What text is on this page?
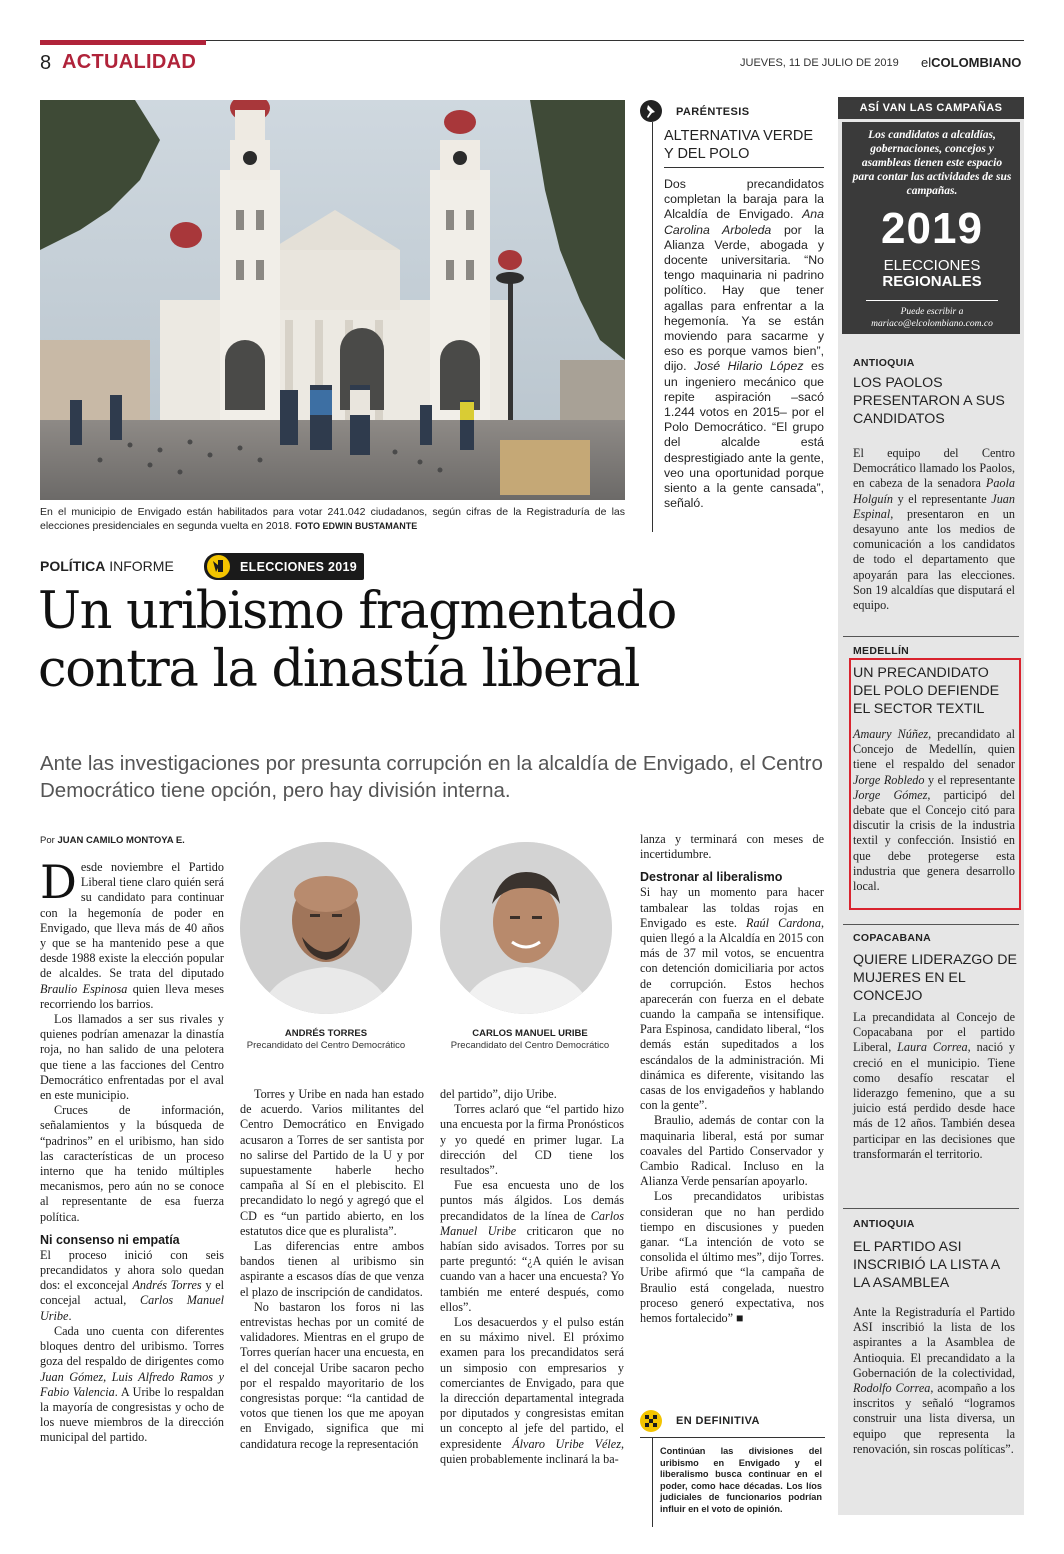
8 ACTUALIDAD	JUEVES, 11 DE JULIO DE 2019 elCOLOMBIANO
En el municipio de Envigado están habilitados para votar 241.042 ciudadanos, según cifras de la Registraduría de las elecciones presidenciales en segunda vuelta en 2018. FOTO EDWIN BUSTAMANTE
PARÉNTESIS
ALTERNATIVA VERDE Y DEL POLO
Dos precandidatos completan la baraja para la Alcaldía de Envigado. Ana Carolina Arboleda por la Alianza Verde, abogada y docente universitaria. “No tengo maquinaria ni padrino político. Hay que tener agallas para enfrentar a la hegemonía. Ya se están moviendo para sacarme y eso es porque vamos bien”, dijo. José Hilario López es un ingeniero mecánico que repite aspiración –sacó 1.244 votos en 2015– por el Polo Democrático. “El grupo del alcalde está desprestigiado ante la gente, veo una oportunidad porque siento a la gente cansada”, señaló.
POLÍTICA INFORME	ELECCIONES 2019
Un uribismo fragmentado contra la dinastía liberal
Ante las investigaciones por presunta corrupción en la alcaldía de Envigado, el Centro Democrático tiene opción, pero hay división interna.
Por JUAN CAMILO MONTOYA E.
ANDRÉS TORRES
Precandidato del Centro Democrático
CARLOS MANUEL URIBE
Precandidato del Centro Democrático

Desde noviembre el Partido Liberal tiene claro quién será su candidato para continuar con la hegemonía de poder en Envigado, que lleva más de 40 años y que se ha mantenido pese a que desde 1988 existe la elección popular de alcaldes. Se trata del diputado Braulio Espinosa quien lleva meses recorriendo los barrios.

Los llamados a ser sus rivales y quienes podrían amenazar la dinastía roja, no han salido de una pelotera que tiene a las facciones del Centro Democrático enfrentadas por el aval en este municipio.

Cruces de información, señalamientos y la búsqueda de “padrinos” en el uribismo, han sido las características de un proceso interno que ha tenido múltiples mecanismos, pero aún no se conoce al representante de esa fuerza política.

Ni consenso ni empatía

El proceso inició con seis precandidatos y ahora solo quedan dos: el exconcejal Andrés Torres y el concejal actual, Carlos Manuel Uribe.

Cada uno cuenta con diferentes bloques dentro del uribismo. Torres goza del respaldo de dirigentes como Juan Gómez, Luis Alfredo Ramos y Fabio Valencia. A Uribe lo respaldan la mayoría de congresistas y ocho de los nueve miembros de la dirección municipal del partido.

Torres y Uribe en nada han estado de acuerdo. Varios militantes del Centro Democrático en Envigado acusaron a Torres de ser santista por no salirse del Partido de la U y por supuestamente haberle hecho campaña al Sí en el plebiscito. El precandidato lo negó y agregó que el CD es “un partido abierto, en los estatutos dice que es pluralista”.

Las diferencias entre ambos bandos tienen al uribismo sin aspirante a escasos días de que venza el plazo de inscripción de candidatos.

No bastaron los foros ni las entrevistas hechas por un comité de validadores. Mientras en el grupo de Torres querían hacer una encuesta, en el del concejal Uribe sacaron pecho por el respaldo mayoritario de los congresistas porque: “la cantidad de votos que tienen los que me apoyan en Envigado, significa que mi candidatura recoge la representación

del partido”, dijo Uribe.

Torres aclaró que “el partido hizo una encuesta por la firma Pronósticos y yo quedé en primer lugar. La dirección del CD tiene los resultados”.

Fue esa encuesta uno de los puntos más álgidos. Los demás precandidatos de la línea de Carlos Manuel Uribe criticaron que no habían sido avisados. Torres por su parte preguntó: “¿A quién le avisan cuando van a hacer una encuesta? Yo también me enteré después, como ellos”.

Los desacuerdos y el pulso están en su máximo nivel. El próximo examen para los precandidatos será un simposio con empresarios y comerciantes de Envigado, para que la dirección departamental integrada por diputados y congresistas emitan un concepto al jefe del partido, el expresidente Álvaro Uribe Vélez, quien probablemente inclinará la ba-

lanza y terminará con meses de incertidumbre.

Destronar al liberalismo

Si hay un momento para hacer tambalear las toldas rojas en Envigado es este. Raúl Cardona, quien llegó a la Alcaldía en 2015 con más de 37 mil votos, se encuentra con detención domiciliaria por actos de corrupción. Estos hechos aparecerán con fuerza en el debate cuando la campaña se intensifique. Para Espinosa, candidato liberal, “los demás están supeditados a los escándalos de la administración. Mi dinámica es diferente, visitando las casas de los envigadeños y hablando con la gente”.

Braulio, además de contar con la maquinaria liberal, está por sumar coavales del Partido Conservador y Cambio Radical. Incluso en la Alianza Verde pensarían apoyarlo.

Los precandidatos uribistas consideran que no han perdido tiempo en discusiones y pueden ganar. “La intención de voto se consolida el último mes”, dijo Torres. Uribe afirmó que “la campaña de Braulio está congelada, nuestro proceso generó expectativa, nos hemos fortalecido” ■

EN DEFINITIVA
Continúan las divisiones del uribismo en Envigado y el liberalismo busca continuar en el poder, como hace décadas. Los líos judiciales de funcionarios podrían influir en el voto de opinión.
ASÍ VAN LAS CAMPAÑAS
Los candidatos a alcaldías, gobernaciones, concejos y asambleas tienen este espacio para contar las actividades de sus campañas.
2019
ELECCIONES
REGIONALES
Puede escribir a
mariaco@elcolombiano.com.co
ANTIOQUIA
LOS PAOLOS PRESENTARON A SUS CANDIDATOS
El equipo del Centro Democrático llamado los Paolos, en cabeza de la senadora Paola Holguín y el representante Juan Espinal, presentaron en un desayuno ante los medios de comunicación a los candidatos de todo el departamento que apoyarán para las elecciones. Son 19 alcaldías que disputará el equipo.
MEDELLÍN
UN PRECANDIDATO DEL POLO DEFIENDE EL SECTOR TEXTIL
Amaury Núñez, precandidato al Concejo de Medellín, quien tiene el respaldo del senador Jorge Robledo y el representante Jorge Gómez, participó del debate que el Concejo citó para discutir la crisis de la industria textil y confección. Insistió en que debe protegerse esta industria que genera desarrollo local.
COPACABANA
QUIERE LIDERAZGO DE MUJERES EN EL CONCEJO
La precandidata al Concejo de Copacabana por el partido Liberal, Laura Correa, nació y creció en el municipio. Tiene como desafío rescatar el liderazgo femenino, que a su juicio está perdido desde hace más de 12 años. También desea participar en las decisiones que transformarán el territorio.
ANTIOQUIA
EL PARTIDO ASI INSCRIBIÓ LA LISTA A LA ASAMBLEA
Ante la Registraduría el Partido ASI inscribió la lista de los aspirantes a la Asamblea de Antioquia. El precandidato a la Gobernación de la colectividad, Rodolfo Correa, acompaño a los inscritos y señaló “logramos construir una lista diversa, un equipo que representa la renovación, sin roscas políticas”.
